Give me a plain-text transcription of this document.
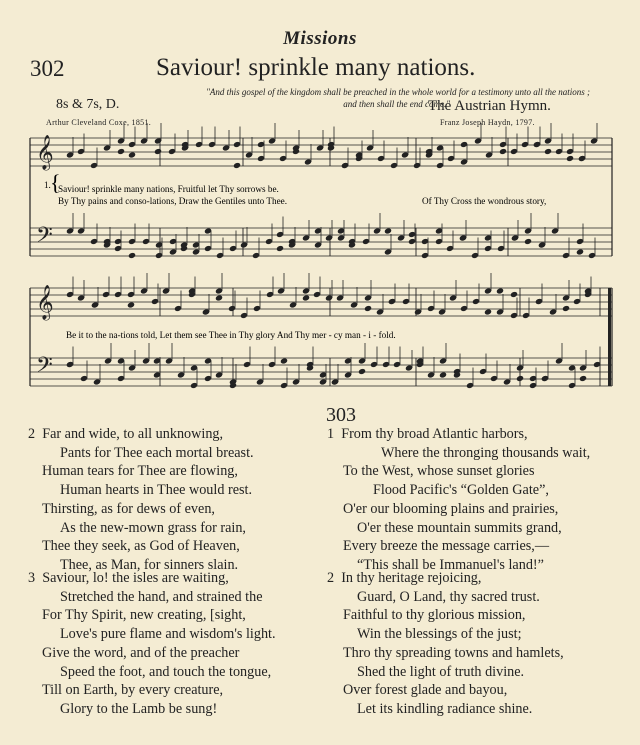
Missions
302	Saviour! sprinkle many nations.
"And this gospel of the kingdom shall be preached in the whole world for a testimony unto all the nations ;
and then shall the end come."
8s & 7s, D.	The Austrian Hymn.
Arthur Cleveland Coxe, 1851.	Franz Joseph Haydn, 1797.
𝄞
𝄞
𝄢
𝄢
1. Saviour! sprinkle many nations, Fruitful let Thy sorrows be.
By Thy pains and conso-lations, Draw the Gentiles unto Thee.	Of Thy Cross the wondrous story,
Be it to the na-tions told, Let them see Thee in Thy glory And Thy mer - cy man - i - fold.
{
303
2 Far and wide, to all unknowing,
Pants for Thee each mortal breast.
Human tears for Thee are flowing,
Human hearts in Thee would rest.
Thirsting, as for dews of even,
As the new-mown grass for rain,
Thee they seek, as God of Heaven,
Thee, as Man, for sinners slain.
3 Saviour, lo! the isles are waiting,
Stretched the hand, and strained the
For Thy Spirit, new creating, [sight,
Love's pure flame and wisdom's light.
Give the word, and of the preacher
Speed the foot, and touch the tongue,
Till on Earth, by every creature,
Glory to the Lamb be sung!
1 From thy broad Atlantic harbors,
Where the thronging thousands wait,
To the West, whose sunset glories
Flood Pacific's “Golden Gate”,
O'er our blooming plains and prairies,
O'er these mountain summits grand,
Every breeze the message carries,—
“This shall be Immanuel's land!”
2 In thy heritage rejoicing,
Guard, O Land, thy sacred trust.
Faithful to thy glorious mission,
Win the blessings of the just;
Thro thy spreading towns and hamlets,
Shed the light of truth divine.
Over forest glade and bayou,
Let its kindling radiance shine.
